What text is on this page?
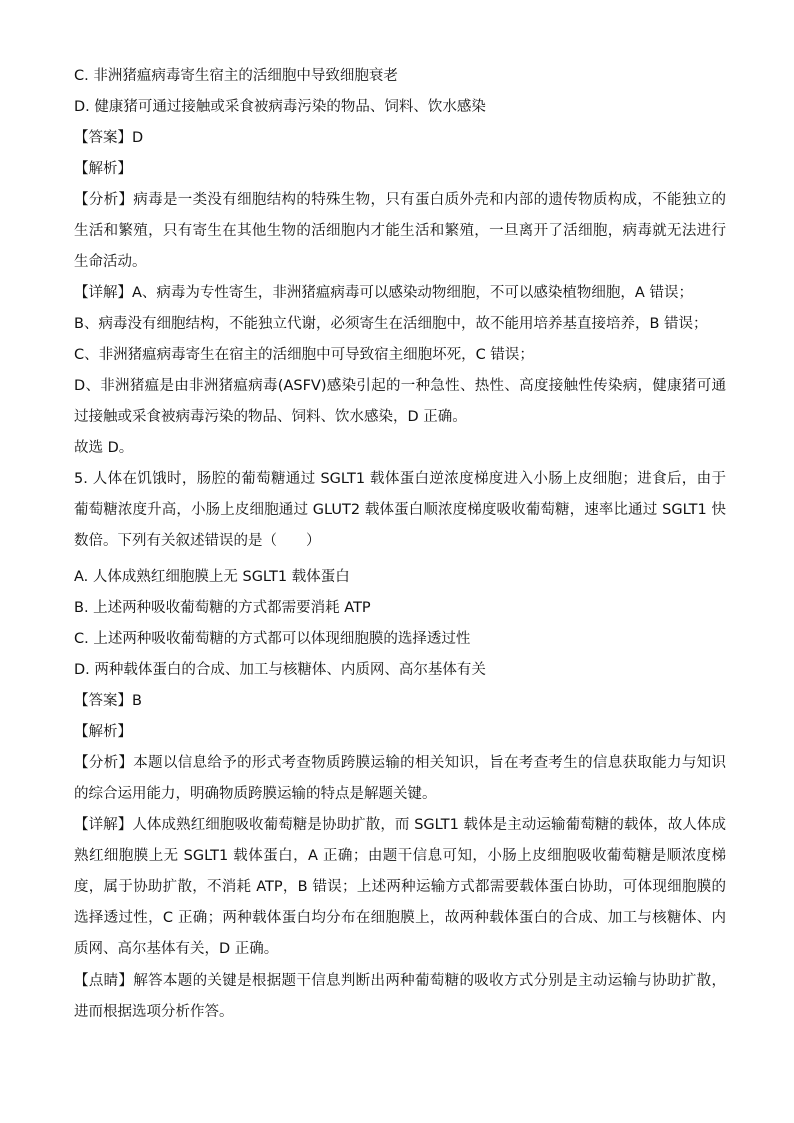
C. 非洲猪瘟病毒寄生宿主的活细胞中导致细胞衰老
D. 健康猪可通过接触或采食被病毒污染的物品、饲料、饮水感染
【答案】D
【解析】
【分析】病毒是一类没有细胞结构的特殊生物，只有蛋白质外壳和内部的遗传物质构成，不能独立的生活和繁殖，只有寄生在其他生物的活细胞内才能生活和繁殖，一旦离开了活细胞，病毒就无法进行生命活动。
【详解】A、病毒为专性寄生，非洲猪瘟病毒可以感染动物细胞，不可以感染植物细胞，A 错误；
B、病毒没有细胞结构，不能独立代谢，必须寄生在活细胞中，故不能用培养基直接培养，B 错误；
C、非洲猪瘟病毒寄生在宿主的活细胞中可导致宿主细胞坏死，C 错误；
D、非洲猪瘟是由非洲猪瘟病毒(ASFV)感染引起的一种急性、热性、高度接触性传染病，健康猪可通过接触或采食被病毒污染的物品、饲料、饮水感染，D 正确。
故选 D。
5. 人体在饥饿时，肠腔的葡萄糖通过 SGLT1 载体蛋白逆浓度梯度进入小肠上皮细胞；进食后，由于葡萄糖浓度升高，小肠上皮细胞通过 GLUT2 载体蛋白顺浓度梯度吸收葡萄糖，速率比通过 SGLT1 快数倍。下列有关叙述错误的是（　　）
A. 人体成熟红细胞膜上无 SGLT1 载体蛋白
B. 上述两种吸收葡萄糖的方式都需要消耗 ATP
C. 上述两种吸收葡萄糖的方式都可以体现细胞膜的选择透过性
D. 两种载体蛋白的合成、加工与核糖体、内质网、高尔基体有关
【答案】B
【解析】
【分析】本题以信息给予的形式考查物质跨膜运输的相关知识，旨在考查考生的信息获取能力与知识的综合运用能力，明确物质跨膜运输的特点是解题关键。
【详解】人体成熟红细胞吸收葡萄糖是协助扩散，而 SGLT1 载体是主动运输葡萄糖的载体，故人体成熟红细胞膜上无 SGLT1 载体蛋白，A 正确；由题干信息可知，小肠上皮细胞吸收葡萄糖是顺浓度梯度，属于协助扩散，不消耗 ATP，B 错误；上述两种运输方式都需要载体蛋白协助，可体现细胞膜的选择透过性，C 正确；两种载体蛋白均分布在细胞膜上，故两种载体蛋白的合成、加工与核糖体、内质网、高尔基体有关，D 正确。
【点睛】解答本题的关键是根据题干信息判断出两种葡萄糖的吸收方式分别是主动运输与协助扩散，进而根据选项分析作答。
